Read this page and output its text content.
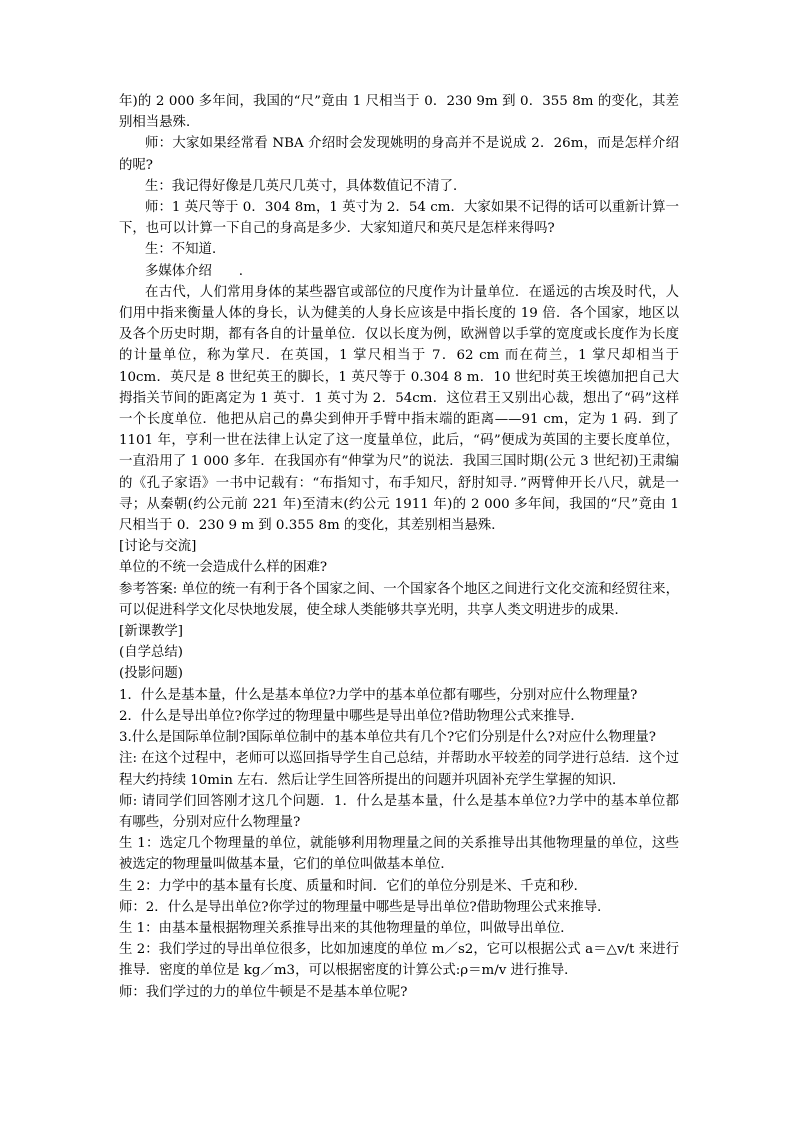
年)的 2 000 多年间，我国的“尺”竟由 1 尺相当于 0．230 9m 到 0．355 8m 的变化，其差别相当悬殊．

师：大家如果经常看 NBA 介绍时会发现姚明的身高并不是说成 2．26m，而是怎样介绍的呢?

生：我记得好像是几英尺几英寸，具体数值记不清了．

师：1 英尺等于 0．304 8m，1 英寸为 2．54 cm．大家如果不记得的话可以重新计算一下，也可以计算一下自己的身高是多少．大家知道尺和英尺是怎样来得吗?

生：不知道．

多媒体介绍　　.

在古代，人们常用身体的某些器官或部位的尺度作为计量单位．在遥远的古埃及时代，人们用中指来衡量人体的身长，认为健美的人身长应该是中指长度的 19 倍．各个国家，地区以及各个历史时期，都有各自的计量单位．仅以长度为例，欧洲曾以手掌的宽度或长度作为长度的计量单位，称为掌尺．在英国，1 掌尺相当于 7．62 cm 而在荷兰，1 掌尺却相当于 10cm．英尺是 8 世纪英王的脚长，1 英尺等于 0.304 8 m．10 世纪时英王埃德加把自己大拇指关节间的距离定为 1 英寸．1 英寸为 2．54cm．这位君王又别出心裁，想出了“码”这样一个长度单位．他把从启己的鼻尖到伸开手臂中指末端的距离——91 cm，定为 1 码．到了 1101 年，亨利一世在法律上认定了这一度量单位，此后，“码”便成为英国的主要长度单位，一直沿用了 1 000 多年．在我国亦有“伸掌为尺”的说法．我国三国时期(公元 3 世纪初)王肃编的《孔子家语》一书中记载有：“布指知寸，布手知尺，舒肘知寻．”两臂伸开长八尺，就是一寻；从秦朝(约公元前 221 年)至清末(约公元 1911 年)的 2 000 多年间，我国的“尺”竟由 1 尺相当于 0．230 9 m 到 0.355 8m 的变化，其差别相当悬殊．

[讨论与交流]

单位的不统一会造成什么样的困难?

参考答案: 单位的统一有利于各个国家之间、一个国家各个地区之间进行文化交流和经贸往来，可以促进科学文化尽快地发展，使全球人类能够共享光明，共享人类文明进步的成果．

[新课教学]

(自学总结)

(投影问题)

1．什么是基本量，什么是基本单位?力学中的基本单位都有哪些，分别对应什么物理量?

2．什么是导出单位?你学过的物理量中哪些是导出单位?借助物理公式来推导．

3.什么是国际单位制?国际单位制中的基本单位共有几个?它们分别是什么?对应什么物理量?

注: 在这个过程中，老师可以巡回指导学生自己总结，并帮助水平较差的同学进行总结．这个过程大约持续 10min 左右．然后让学生回答所提出的问题并巩固补充学生掌握的知识．

师: 请同学们回答刚才这几个问题．1．什么是基本量，什么是基本单位?力学中的基本单位都有哪些，分别对应什么物理量?

生 1：选定几个物理量的单位，就能够利用物理量之间的关系推导出其他物理量的单位，这些被选定的物理量叫做基本量，它们的单位叫做基本单位．

生 2：力学中的基本量有长度、质量和时间．它们的单位分别是米、千克和秒．

师：2．什么是导出单位?你学过的物理量中哪些是导出单位?借助物理公式来推导．

生 1：由基本量根据物理关系推导出来的其他物理量的单位，叫做导出单位．

生 2：我们学过的导出单位很多，比如加速度的单位 m／s2，它可以根据公式 a＝△v/t 来进行推导．密度的单位是 kg／m3，可以根据密度的计算公式:ρ＝m/v 进行推导．

师：我们学过的力的单位牛顿是不是基本单位呢?
